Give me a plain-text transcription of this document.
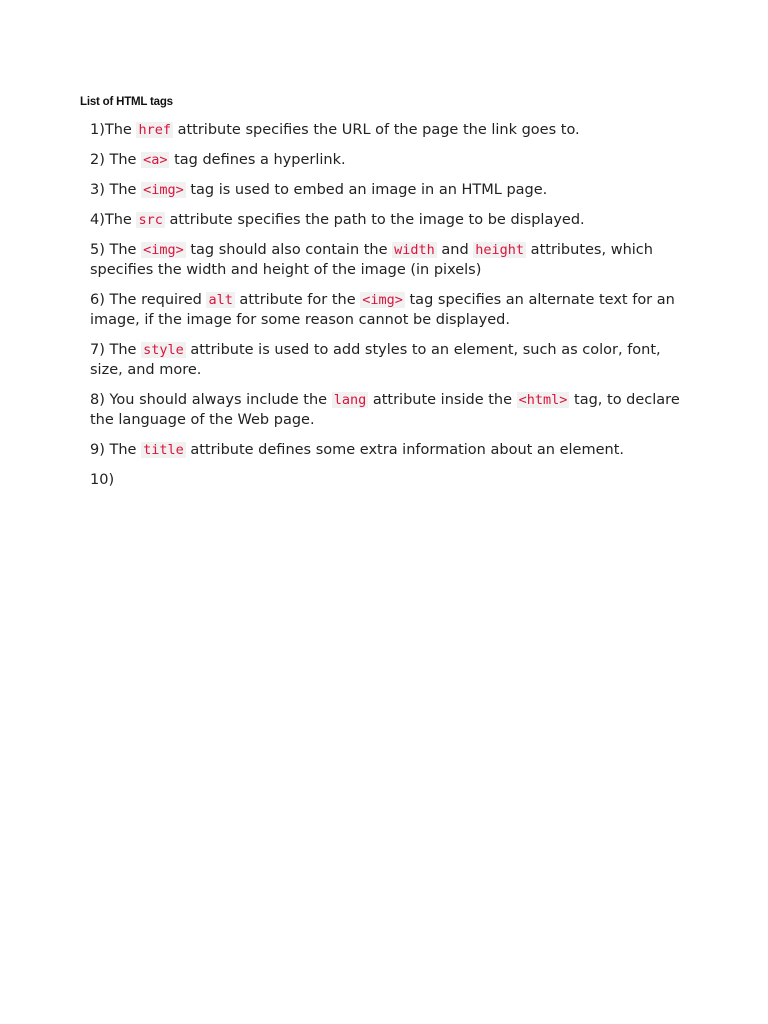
List of HTML tags
1)The href attribute specifies the URL of the page the link goes to.
2) The <a> tag defines a hyperlink.
3) The <img> tag is used to embed an image in an HTML page.
4)The src attribute specifies the path to the image to be displayed.
5) The <img> tag should also contain the width and height attributes, which specifies the width and height of the image (in pixels)
6) The required alt attribute for the <img> tag specifies an alternate text for an image, if the image for some reason cannot be displayed.
7) The style attribute is used to add styles to an element, such as color, font, size, and more.
8) You should always include the lang attribute inside the <html> tag, to declare the language of the Web page.
9) The title attribute defines some extra information about an element.
10)
